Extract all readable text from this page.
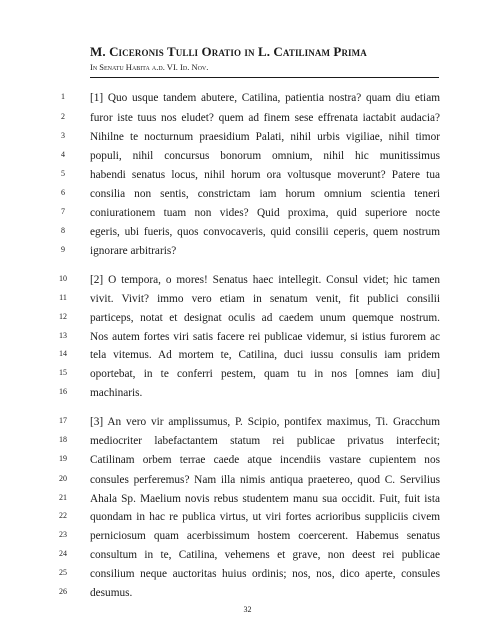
M. Ciceronis Tulli Oratio in L. Catilinam Prima
In Senatu Habita a.d. VI. Id. Nov.
1	[1] Quo usque tandem abutere, Catilina, patientia nostra? quam diu etiam
2	furor iste tuus nos eludet? quem ad finem sese effrenata iactabit audacia?
3	Nihilne te nocturnum praesidium Palati, nihil urbis vigiliae, nihil timor
4	populi, nihil concursus bonorum omnium, nihil hic munitissimus
5	habendi senatus locus, nihil horum ora voltusque moverunt? Patere tua
6	consilia non sentis, constrictam iam horum omnium scientia teneri
7	coniurationem tuam non vides? Quid proxima, quid superiore nocte
8	egeris, ubi fueris, quos convocaveris, quid consilii ceperis, quem nostrum
9	ignorare arbitraris?
10	[2] O tempora, o mores! Senatus haec intellegit. Consul videt; hic tamen
11	vivit. Vivit? immo vero etiam in senatum venit, fit publici consilii
12	particeps, notat et designat oculis ad caedem unum quemque nostrum.
13	Nos autem fortes viri satis facere rei publicae videmur, si istius furorem ac
14	tela vitemus. Ad mortem te, Catilina, duci iussu consulis iam pridem
15	oportebat, in te conferri pestem, quam tu in nos [omnes iam diu]
16	machinaris.
17	[3] An vero vir amplissumus, P. Scipio, pontifex maximus, Ti. Gracchum
18	mediocriter labefactantem statum rei publicae privatus interfecit;
19	Catilinam orbem terrae caede atque incendiis vastare cupientem nos
20	consules perferemus? Nam illa nimis antiqua praetereo, quod C. Servilius
21	Ahala Sp. Maelium novis rebus studentem manu sua occidit. Fuit, fuit ista
22	quondam in hac re publica virtus, ut viri fortes acrioribus suppliciis civem
23	perniciosum quam acerbissimum hostem coercerent. Habemus senatus
24	consultum in te, Catilina, vehemens et grave, non deest rei publicae
25	consilium neque auctoritas huius ordinis; nos, nos, dico aperte, consules
26	desumus.
32
